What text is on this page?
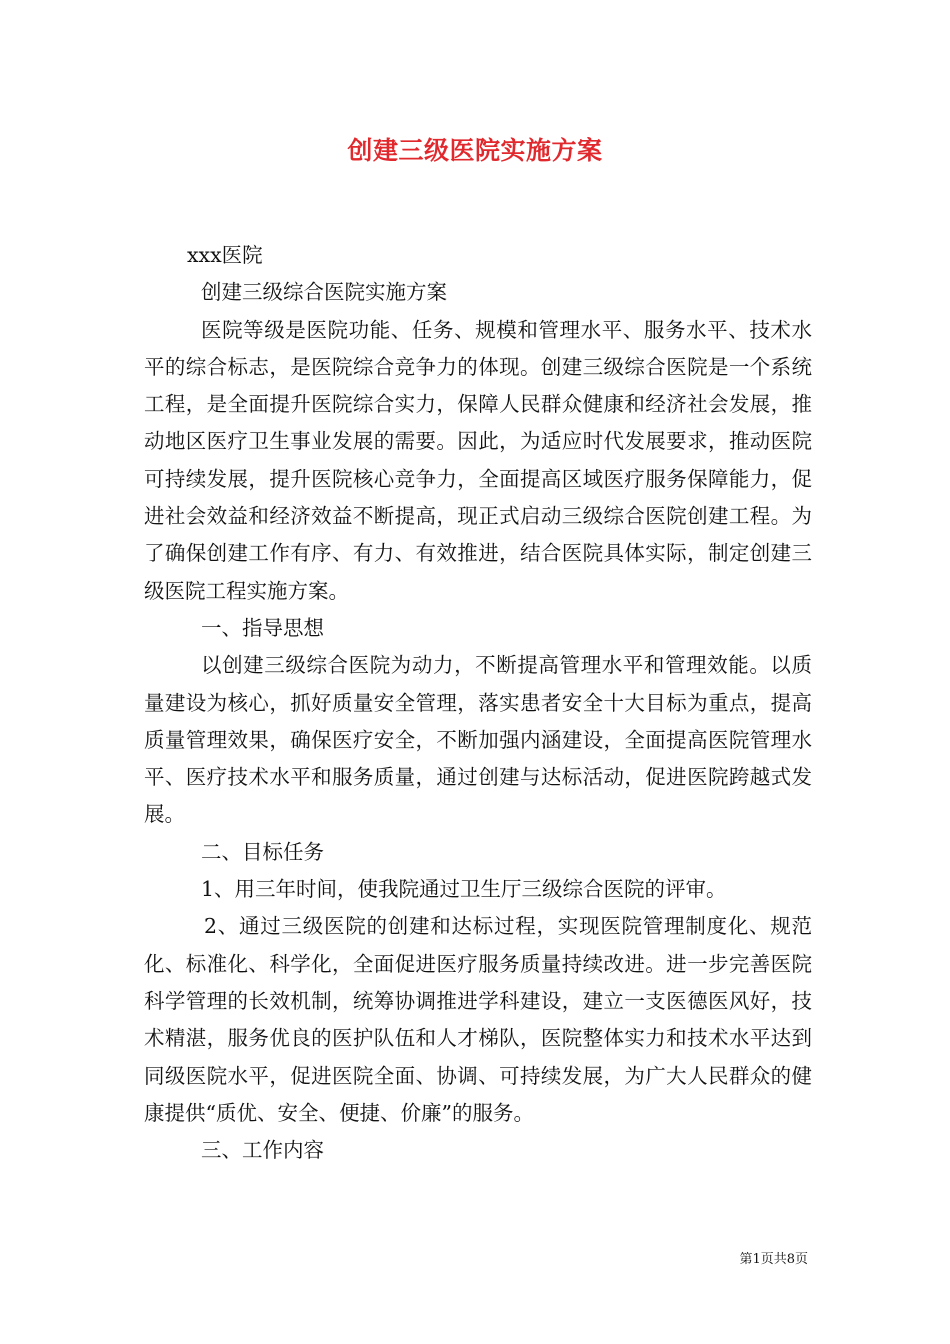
创建三级医院实施方案

xxx医院

创建三级综合医院实施方案

医院等级是医院功能、任务、规模和管理水平、服务水平、技术水平的综合标志，是医院综合竞争力的体现。创建三级综合医院是一个系统工程，是全面提升医院综合实力，保障人民群众健康和经济社会发展，推动地区医疗卫生事业发展的需要。因此，为适应时代发展要求，推动医院可持续发展，提升医院核心竞争力，全面提高区域医疗服务保障能力，促进社会效益和经济效益不断提高，现正式启动三级综合医院创建工程。为了确保创建工作有序、有力、有效推进，结合医院具体实际，制定创建三级医院工程实施方案。

一、指导思想

以创建三级综合医院为动力，不断提高管理水平和管理效能。以质量建设为核心，抓好质量安全管理，落实患者安全十大目标为重点，提高质量管理效果，确保医疗安全，不断加强内涵建设，全面提高医院管理水平、医疗技术水平和服务质量，通过创建与达标活动，促进医院跨越式发展。

二、目标任务

1、用三年时间，使我院通过卫生厅三级综合医院的评审。

2、通过三级医院的创建和达标过程，实现医院管理制度化、规范化、标准化、科学化，全面促进医疗服务质量持续改进。进一步完善医院科学管理的长效机制，统筹协调推进学科建设，建立一支医德医风好，技术精湛，服务优良的医护队伍和人才梯队，医院整体实力和技术水平达到同级医院水平，促进医院全面、协调、可持续发展，为广大人民群众的健康提供“质优、安全、便捷、价廉”的服务。

三、工作内容

第1页共8页
